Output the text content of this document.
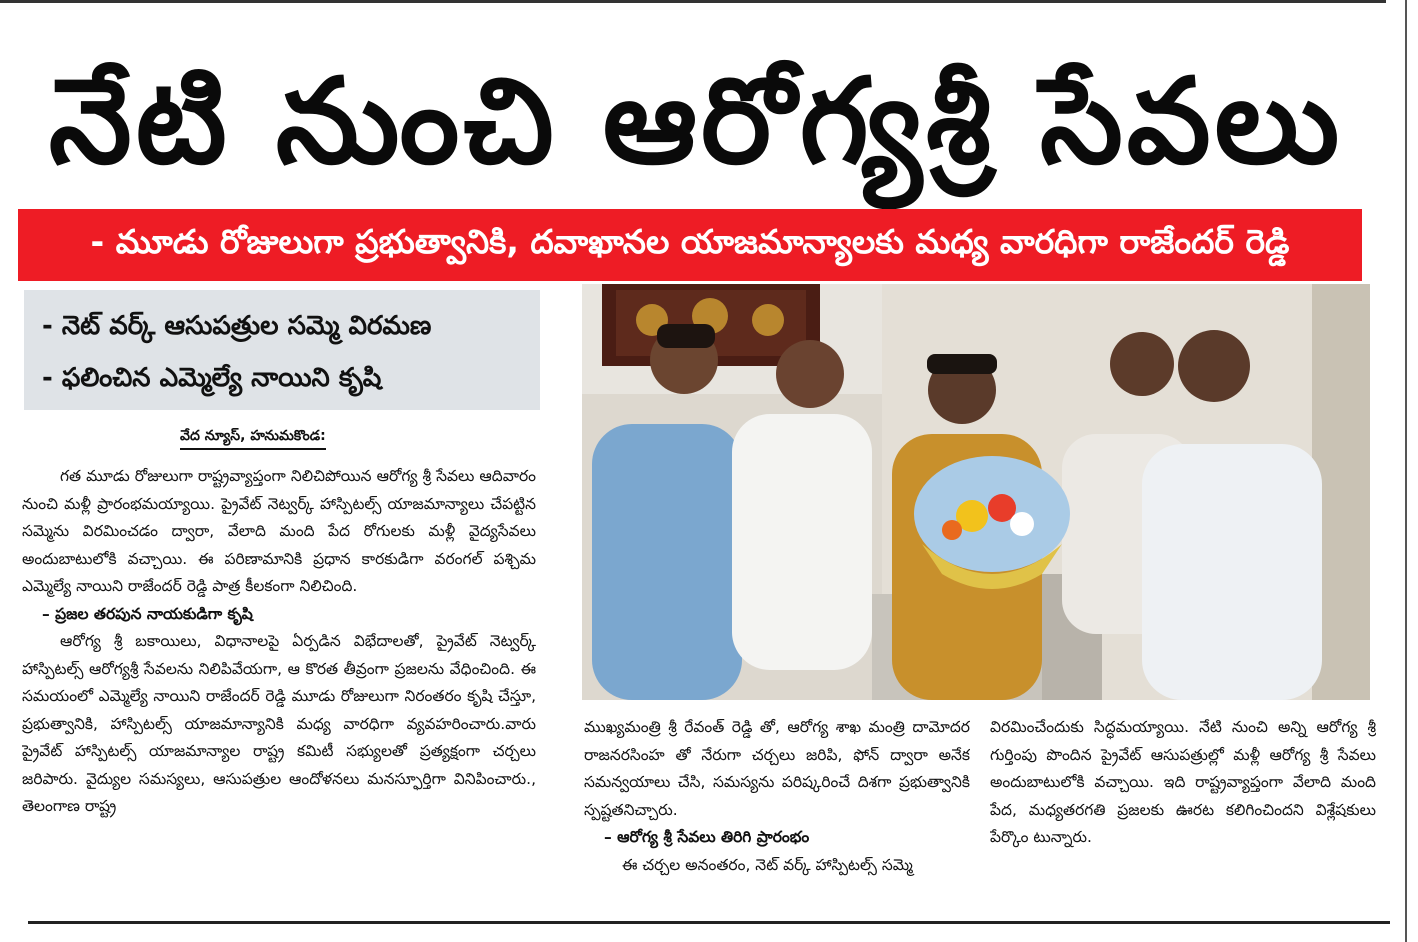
నేటి నుంచి ఆరోగ్యశ్రీ సేవలు
- మూడు రోజులుగా ప్రభుత్వానికి, దవాఖానల యాజమాన్యాలకు మధ్య వారధిగా రాజేందర్ రెడ్డి
- నెట్ వర్క్ ఆసుపత్రుల సమ్మె విరమణ
- ఫలించిన ఎమ్మెల్యే నాయిని కృషి
వేద న్యూస్, హనుమకొండ:

గత మూడు రోజులుగా రాష్ట్రవ్యాప్తంగా నిలిచిపోయిన ఆరోగ్య శ్రీ సేవలు ఆదివారం నుంచి మళ్లీ ప్రారంభమయ్యాయి. ప్రైవేట్ నెట్వర్క్ హాస్పిటల్స్ యాజమాన్యాలు చేపట్టిన సమ్మెను విరమించడం ద్వారా, వేలాది మంది పేద రోగులకు మళ్లీ వైద్యసేవలు అందుబాటులోకి వచ్చాయి. ఈ పరిణామానికి ప్రధాన కారకుడిగా వరంగల్ పశ్చిమ ఎమ్మెల్యే నాయిని రాజేందర్ రెడ్డి పాత్ర కీలకంగా నిలిచింది.

– ప్రజల తరపున నాయకుడిగా కృషి

ఆరోగ్య శ్రీ బకాయిలు, విధానాలపై ఏర్పడిన విభేదాలతో, ప్రైవేట్ నెట్వర్క్ హాస్పిటల్స్ ఆరోగ్యశ్రీ సేవలను నిలిపివేయగా, ఆ కొరత తీవ్రంగా ప్రజలను వేధించింది. ఈ సమయంలో ఎమ్మెల్యే నాయిని రాజేందర్ రెడ్డి మూడు రోజులుగా నిరంతరం కృషి చేస్తూ, ప్రభుత్వానికి, హాస్పిటల్స్ యాజమాన్యానికి మధ్య వారధిగా వ్యవహరించారు.వారు ప్రైవేట్ హాస్పిటల్స్ యాజమాన్యాల రాష్ట్ర కమిటీ సభ్యులతో ప్రత్యక్షంగా చర్చలు జరిపారు. వైద్యుల సమస్యలు, ఆసుపత్రుల ఆందోళనలు మనస్ఫూర్తిగా వినిపించారు., తెలంగాణ రాష్ట్ర

ముఖ్యమంత్రి శ్రీ రేవంత్ రెడ్డి తో, ఆరోగ్య శాఖ మంత్రి దామోదర రాజనరసింహ తో నేరుగా చర్చలు జరిపి, ఫోన్ ద్వారా అనేక సమన్వయాలు చేసి, సమస్యను పరిష్కరించే దిశగా ప్రభుత్వానికి స్పష్టతనిచ్చారు.

– ఆరోగ్య శ్రీ సేవలు తిరిగి ప్రారంభం

ఈ చర్చల అనంతరం, నెట్ వర్క్ హాస్పిటల్స్ సమ్మె

విరమించేందుకు సిద్ధమయ్యాయి. నేటి నుంచి అన్ని ఆరోగ్య శ్రీ గుర్తింపు పొందిన ప్రైవేట్ ఆసుపత్రుల్లో మళ్లీ ఆరోగ్య శ్రీ సేవలు అందుబాటులోకి వచ్చాయి. ఇది రాష్ట్రవ్యాప్తంగా వేలాది మంది పేద, మధ్యతరగతి ప్రజలకు ఊరట కలిగించిందని విశ్లేషకులు పేర్కొం టున్నారు.
